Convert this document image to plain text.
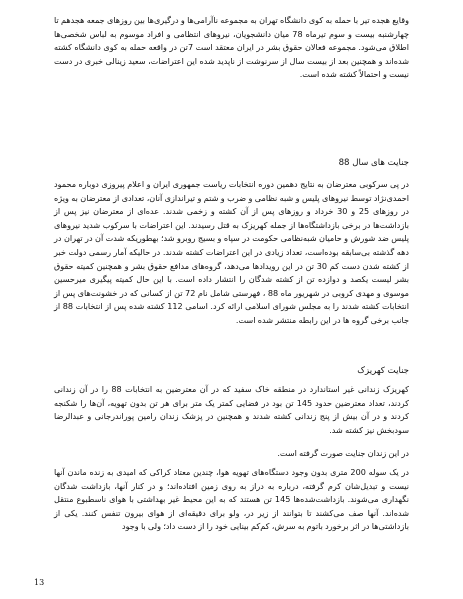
وقایع هجده تیر با حمله به کوی دانشگاه تهران به مجموعه ناآرامی‌ها و درگیری‌ها بین روزهای جمعه هجدهم تا چهارشنبه بیست و سوم تیرماه 78 میان دانشجویان، نیروهای انتظامی و افراد موسوم به لباس شخصی‌ها اطلاق می‌شود. مجموعه فعالان حقوق بشر در ایران معتقد است 7تن در واقعه حمله به کوی دانشگاه کشته شده‌اند و همچنین بعد از بیست سال از سرنوشت از ناپدید شده این اعتراضات، سعید زینالی خبری در دست نیست و احتمالاً کشته شده است.

جنایت های سال 88

در پی سرکوبی معترضان به نتایج دهمین دوره انتخابات ریاست جمهوری ایران و اعلام پیروزی دوباره محمود احمدی‌نژاد توسط نیروهای پلیس و شبه نظامی و ضرب و شتم و تیراندازی آنان، تعدادی از معترضان به ویژه در روزهای 25 و 30 خرداد و روزهای پس از آن کشته و زخمی شدند. عده‌ای از معترضان نیز پس از بازداشت‌ها در برخی بازداشتگاه‌ها از جمله کهریزک به قتل رسیدند. این اعتراضات با سرکوب شدید نیروهای پلیس ضد شورش و حامیان شبه‌نظامی حکومت در سپاه و بسیج روبرو شد؛ بهطوریکه شدت آن در تهران در دهه گذشته بی‌سابقه بوده‌است، تعداد زیادی در این اعتراضات کشته شدند. در حالیکه آمار رسمی دولت خبر از کشته شدن دست کم 30 تن در این رویدادها می‌دهد، گروه‌های مدافع حقوق بشر و همچنین کمیته حقوق بشر لیست یکصد و دوازده تن از کشته شدگان را انتشار داده است. با این حال کمیته پیگیری میرحسین موسوی و مهدی کروبی در شهریور ماه 88 ، فهرستی شامل نام 72 تن از کسانی که در خشونت‌های پس از انتخابات کشته شدند را به مجلس شورای اسلامی ارائه کرد. اسامی 112 کشته شده پس از انتخابات 88 از جانب برخی گروه ها در این رابطه منتشر شده است.

جنایت کهریزک

کهریزک زندانی غیر استاندارد در منطقه خاک سفید که در آن معترضین به انتخابات 88 را در آن زندانی کردند، تعداد معترضین حدود 145 تن بود در فضایی کمتر یک متر برای هر تن بدون تهویه، آن‌ها را شکنجه کردند و در آن بیش از پنج زندانی کشته شدند و همچنین در پزشک زندان رامین پوراندرجانی و عبدالرضا سودبخش نیز کشته شد.

در این زندان جنایت صورت گرفته است.

در یک سوله 200 متری بدون وجود دستگاه‌های تهویه هوا، چندین معتاد کراکی که امیدی به زنده ماندن آنها نیست و تبدیل‌شان کرم گرفته، درباره به دراز به روی زمین افتاده‌اند؛ و در کنار آنها، بازداشت شدگان نگهداری می‌شوند. بازداشت‌شده‌ها 145 تن هستند که به این محیط غیر بهداشتی با هوای ناسطبوع منتقل شده‌اند. آنها صف می‌کشند تا بتوانند از زیر در، ولو برای دقیقه‌ای از هوای بیرون تنفس کنند. یکی از بازداشتی‌ها در اثر برخورد باتوم به سرش، کم‌کم بینایی خود را از دست داد؛ ولی با وجود

13
